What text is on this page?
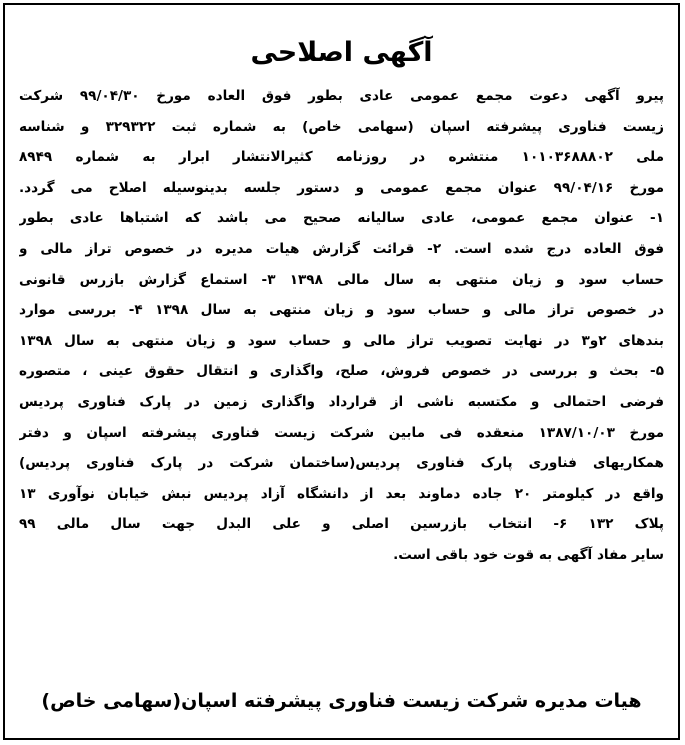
آگهی اصلاحی
پیرو آگهی دعوت مجمع عمومی عادی بطور فوق العاده مورخ ۹۹/۰۴/۳۰ شرکت
زیست فناوری پیشرفته اسپان (سهامی خاص) به شماره ثبت ۳۲۹۳۲۲ و شناسه
ملی ۱۰۱۰۳۶۸۸۸۰۲ منتشره در روزنامه کثیرالانتشار ابرار به شماره ۸۹۴۹
مورخ ۹۹/۰۴/۱۶ عنوان مجمع عمومی و دستور جلسه بدینوسیله اصلاح می گردد.
۱- عنوان مجمع عمومی، عادی سالیانه صحیح می باشد که اشتباها عادی بطور
فوق العاده درج شده است. ۲- قرائت گزارش هیات مدیره در خصوص تراز مالی و
حساب سود و زیان منتهی به سال مالی ۱۳۹۸ ۳- استماع گزارش بازرس قانونی
در خصوص تراز مالی و حساب سود و زیان منتهی به سال ۱۳۹۸ ۴- بررسی موارد
بندهای ۲و۳ در نهایت تصویب تراز مالی و حساب سود و زیان منتهی به سال ۱۳۹۸
۵- بحث و بررسی در خصوص فروش، صلح، واگذاری و انتقال حقوق عینی ، متصوره
فرضی احتمالی و مکتسبه ناشی از قرارداد واگذاری زمین در پارک فناوری پردیس
مورخ ۱۳۸۷/۱۰/۰۳ منعقده فی مابین شرکت زیست فناوری پیشرفته اسپان و دفتر
همکاریهای فناوری پارک فناوری پردیس(ساختمان شرکت در پارک فناوری پردیس)
واقع در کیلومتر ۲۰ جاده دماوند بعد از دانشگاه آزاد پردیس نبش خیابان نوآوری ۱۳
پلاک ۱۳۲ ۶- انتخاب بازرسین اصلی و علی البدل جهت سال مالی ۹۹
سایر مفاد آگهی به قوت خود باقی است.
هیات مدیره شرکت زیست فناوری پیشرفته اسپان(سهامی خاص)
